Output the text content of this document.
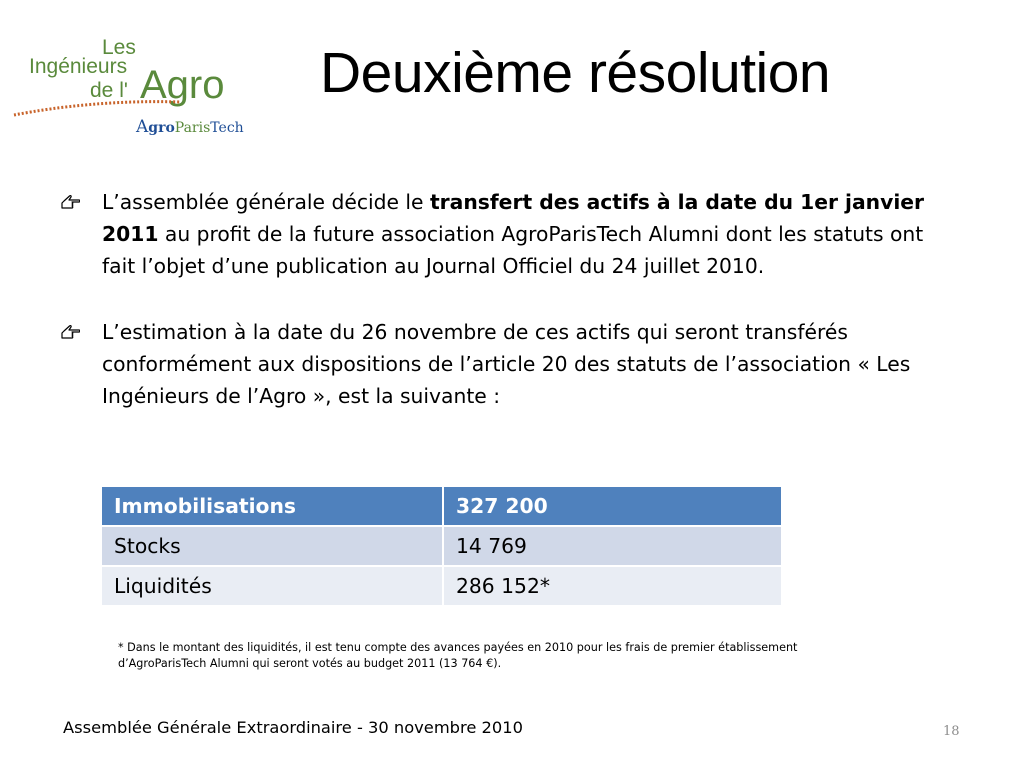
Les
Ingénieurs
de l' Agro
AgroParisTech
Deuxième résolution
L’assemblée générale décide le transfert des actifs à la date du 1er janvier 2011 au profit de la future association AgroParisTech Alumni dont les statuts ont fait l’objet d’une publication au Journal Officiel du 24 juillet 2010.
L’estimation à la date du 26 novembre de ces actifs qui seront transférés conformément aux dispositions de l’article 20 des statuts de l’association « Les Ingénieurs de l’Agro », est la suivante :
Immobilisations	327 200
Stocks	14 769
Liquidités	286 152*
* Dans le montant des liquidités, il est tenu compte des avances payées en 2010 pour les frais de premier établissement d’AgroParisTech Alumni qui seront votés au budget 2011 (13 764 €).
Assemblée Générale Extraordinaire - 30 novembre 2010	18
